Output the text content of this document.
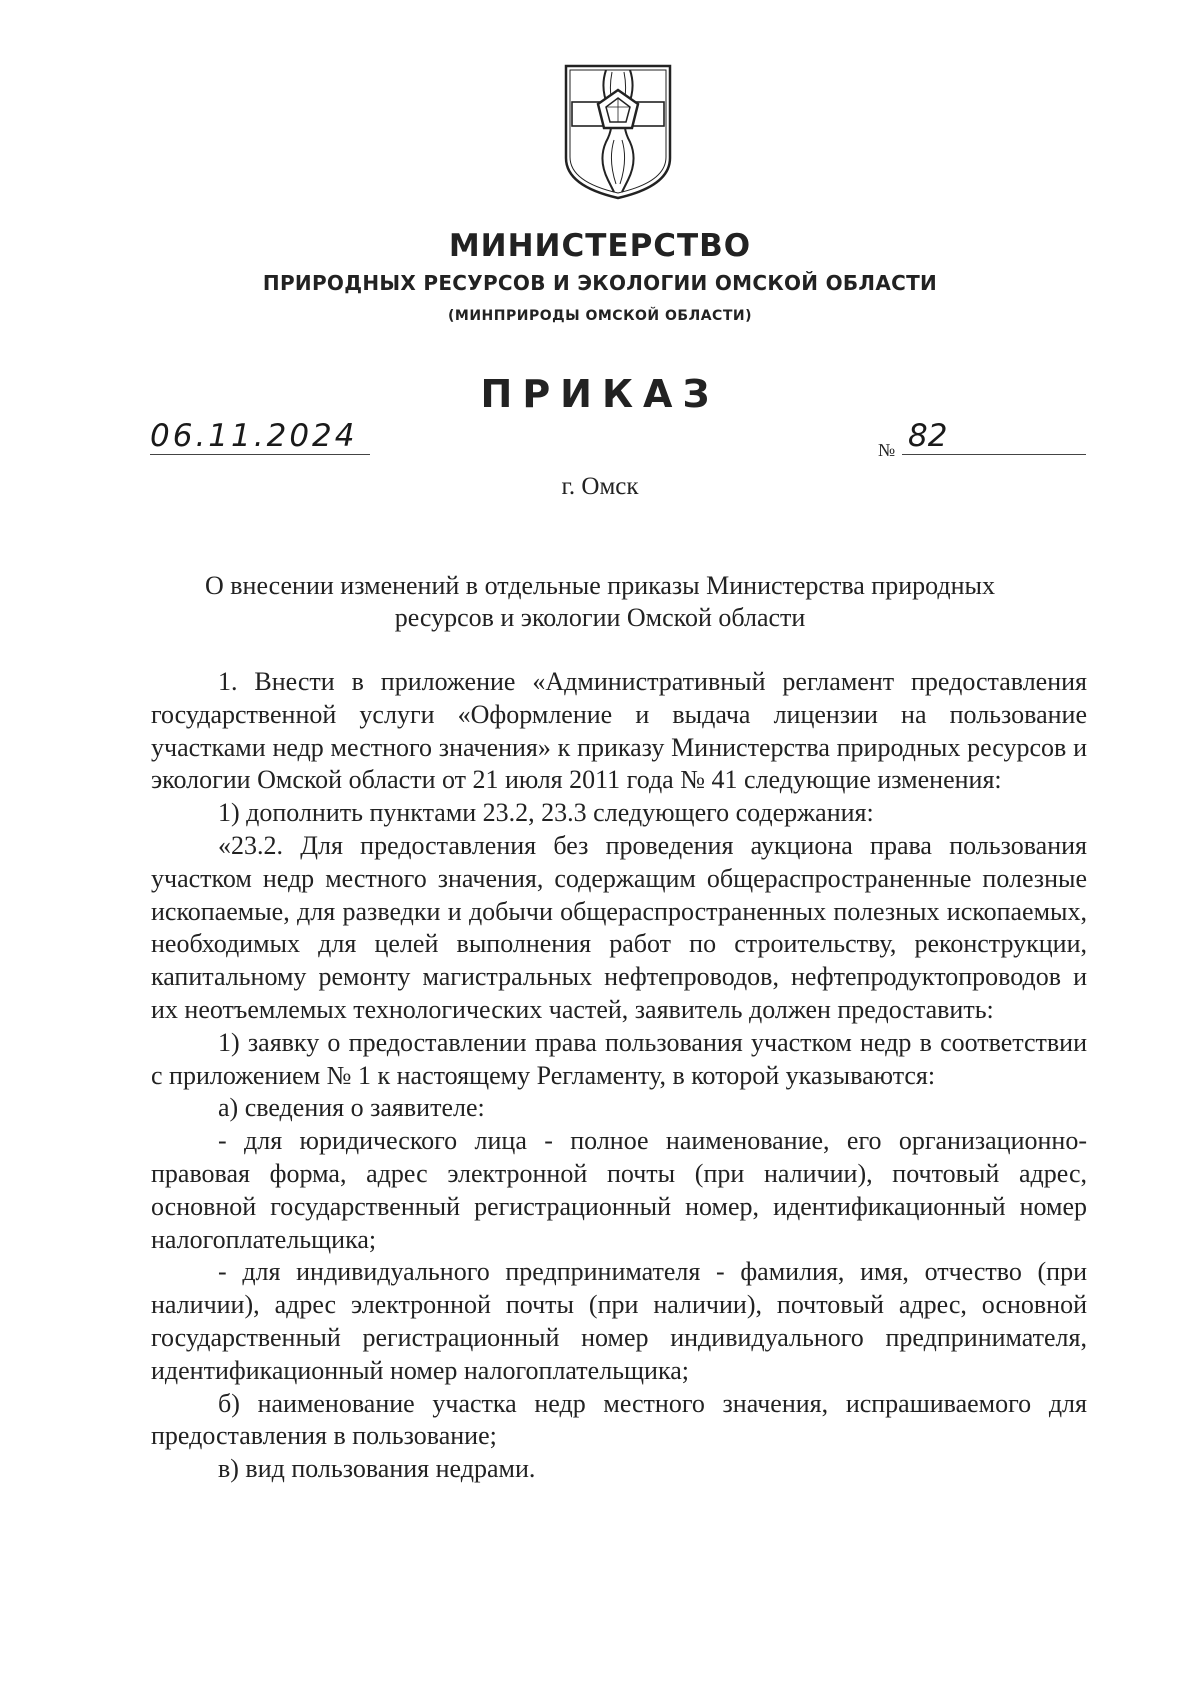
МИНИСТЕРСТВО
ПРИРОДНЫХ РЕСУРСОВ И ЭКОЛОГИИ ОМСКОЙ ОБЛАСТИ
(МИНПРИРОДЫ ОМСКОЙ ОБЛАСТИ)
ПРИКАЗ
06.11.2024	№ 82
г. Омск
О внесении изменений в отдельные приказы Министерства природных
ресурсов и экологии Омской области

1. Внести в приложение «Административный регламент предоставления государственной услуги «Оформление и выдача лицензии на пользование участками недр местного значения» к приказу Министерства природных ресурсов и экологии Омской области от 21 июля 2011 года № 41 следующие изменения:

1) дополнить пунктами 23.2, 23.3 следующего содержания:

«23.2. Для предоставления без проведения аукциона права пользования участком недр местного значения, содержащим общераспространенные полезные ископаемые, для разведки и добычи общераспространенных полезных ископаемых, необходимых для целей выполнения работ по строительству, реконструкции, капитальному ремонту магистральных нефтепроводов, нефтепродуктопроводов и их неотъемлемых технологических частей, заявитель должен предоставить:

1) заявку о предоставлении права пользования участком недр в соответствии с приложением № 1 к настоящему Регламенту, в которой указываются:

а) сведения о заявителе:

- для юридического лица - полное наименование, его организационно-правовая форма, адрес электронной почты (при наличии), почтовый адрес, основной государственный регистрационный номер, идентификационный номер налогоплательщика;

- для индивидуального предпринимателя - фамилия, имя, отчество (при наличии), адрес электронной почты (при наличии), почтовый адрес, основной государственный регистрационный номер индивидуального предпринимателя, идентификационный номер налогоплательщика;

б) наименование участка недр местного значения, испрашиваемого для предоставления в пользование;

в) вид пользования недрами.
